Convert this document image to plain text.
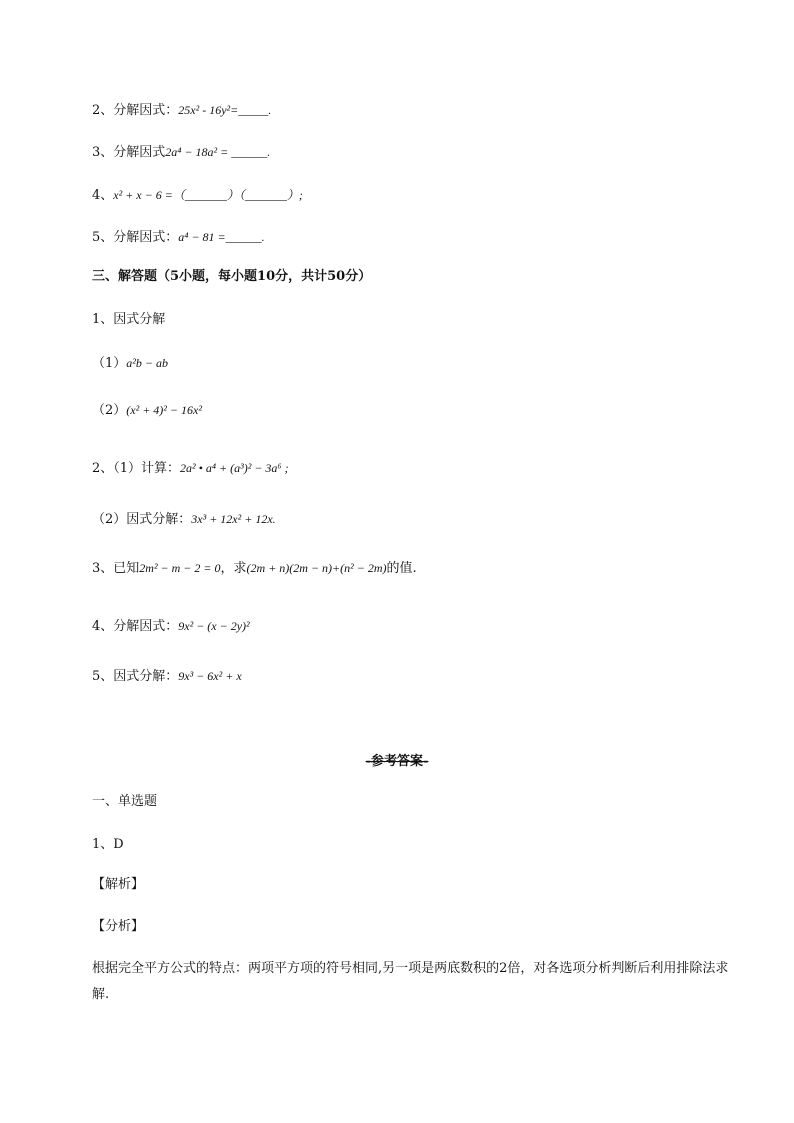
2、分解因式：25x² - 16y²=_____.
3、分解因式2a⁴ − 18a² = ______.
4、x² + x − 6 =（_______）（_______）;
5、分解因式：a⁴ − 81 =______.
三、解答题（5小题，每小题10分，共计50分）
1、因式分解
（1）a²b − ab
（2）(x² + 4)² − 16x²
2、（1）计算：2a² • a⁴ + (a³)² − 3a⁶ ;
（2）因式分解：3x³ + 12x² + 12x.
3、已知2m² − m − 2 = 0，求(2m + n)(2m − n)+(n² − 2m)的值.
4、分解因式：9x² − (x − 2y)²
5、因式分解：9x³ − 6x² + x
-参考答案-
一、单选题
1、D
【解析】
【分析】
根据完全平方公式的特点：两项平方项的符号相同,另一项是两底数积的2倍，对各选项分析判断后利用排除法求解.
